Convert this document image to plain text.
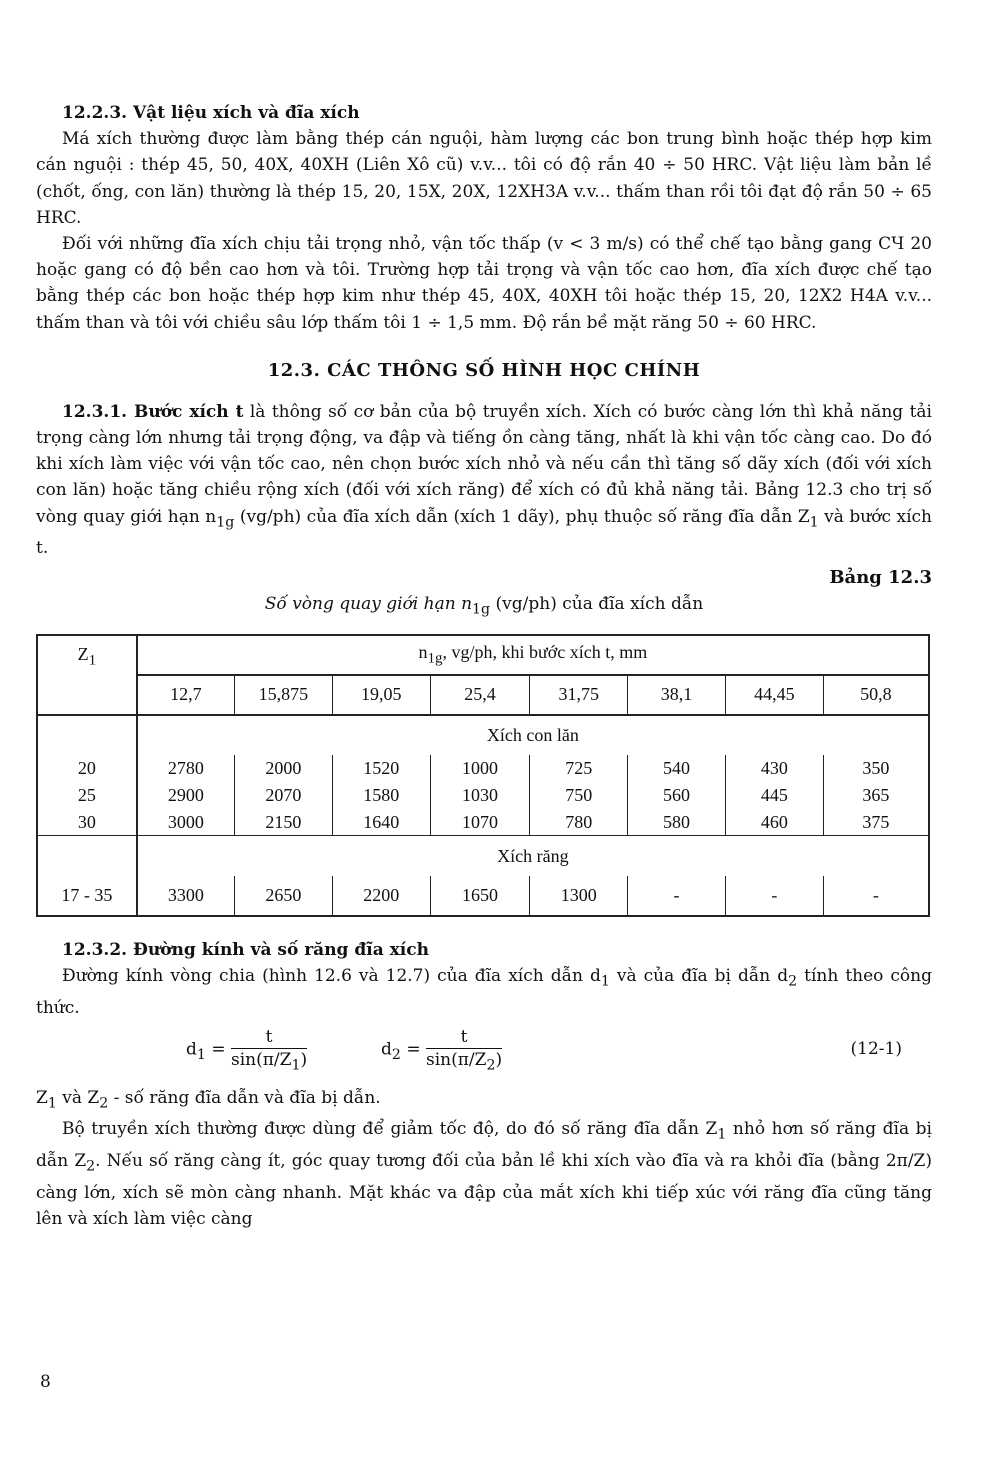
12.2.3. Vật liệu xích và đĩa xích

Má xích thường được làm bằng thép cán nguội, hàm lượng các bon trung bình hoặc thép hợp kim cán nguội : thép 45, 50, 40X, 40XH (Liên Xô cũ) v.v... tôi có độ rắn 40 ÷ 50 HRC. Vật liệu làm bản lề (chốt, ống, con lăn) thường là thép 15, 20, 15X, 20X, 12XH3A v.v... thấm than rồi tôi đạt độ rắn 50 ÷ 65 HRC.

Đối với những đĩa xích chịu tải trọng nhỏ, vận tốc thấp (v < 3 m/s) có thể chế tạo bằng gang СЧ 20 hoặc gang có độ bền cao hơn và tôi. Trường hợp tải trọng và vận tốc cao hơn, đĩa xích được chế tạo bằng thép các bon hoặc thép hợp kim như thép 45, 40X, 40XH tôi hoặc thép 15, 20, 12X2 H4A v.v... thấm than và tôi với chiều sâu lớp thấm tôi 1 ÷ 1,5 mm. Độ rắn bề mặt răng 50 ÷ 60 HRC.

12.3. CÁC THÔNG SỐ HÌNH HỌC CHÍNH

12.3.1. Bước xích t là thông số cơ bản của bộ truyền xích. Xích có bước càng lớn thì khả năng tải trọng càng lớn nhưng tải trọng động, va đập và tiếng ồn càng tăng, nhất là khi vận tốc càng cao. Do đó khi xích làm việc với vận tốc cao, nên chọn bước xích nhỏ và nếu cần thì tăng số dãy xích (đối với xích con lăn) hoặc tăng chiều rộng xích (đối với xích răng) để xích có đủ khả năng tải. Bảng 12.3 cho trị số vòng quay giới hạn $n_{1g}$ (vg/ph) của đĩa xích dẫn (xích 1 dãy), phụ thuộc số răng đĩa dẫn $Z_1$ và bước xích t.

Bảng 12.3
Số vòng quay giới hạn $n_{1g}$ (vg/ph) của đĩa xích dẫn
$Z_1$	$n_{1g}$, vg/ph, khi bước xích t, mm							
	12,7	15,875	19,05	25,4	31,75	38,1	44,45	50,8
	Xích con lăn							
20	2780	2000	1520	1000	725	540	430	350
25	2900	2070	1580	1030	750	560	445	365
30	3000	2150	1640	1070	780	580	460	375
	Xích răng							
17 - 35	3300	2650	2200	1650	1300	-	-	-

12.3.2. Đường kính và số răng đĩa xích

Đường kính vòng chia (hình 12.6 và 12.7) của đĩa xích dẫn $d_1$ và của đĩa bị dẫn $d_2$ tính theo công thức.

$d_1 = \frac{t}{\sin(\pi/Z_1)}$	$d_2 = \frac{t}{\sin(\pi/Z_2)}$	(12-1)

$Z_1$ và $Z_2$ - số răng đĩa dẫn và đĩa bị dẫn.

Bộ truyền xích thường được dùng để giảm tốc độ, do đó số răng đĩa dẫn $Z_1$ nhỏ hơn số răng đĩa bị dẫn $Z_2$. Nếu số răng càng ít, góc quay tương đối của bản lề khi xích vào đĩa và ra khỏi đĩa (bằng 2π/Z) càng lớn, xích sẽ mòn càng nhanh. Mặt khác va đập của mắt xích khi tiếp xúc với răng đĩa cũng tăng lên và xích làm việc càng

8
